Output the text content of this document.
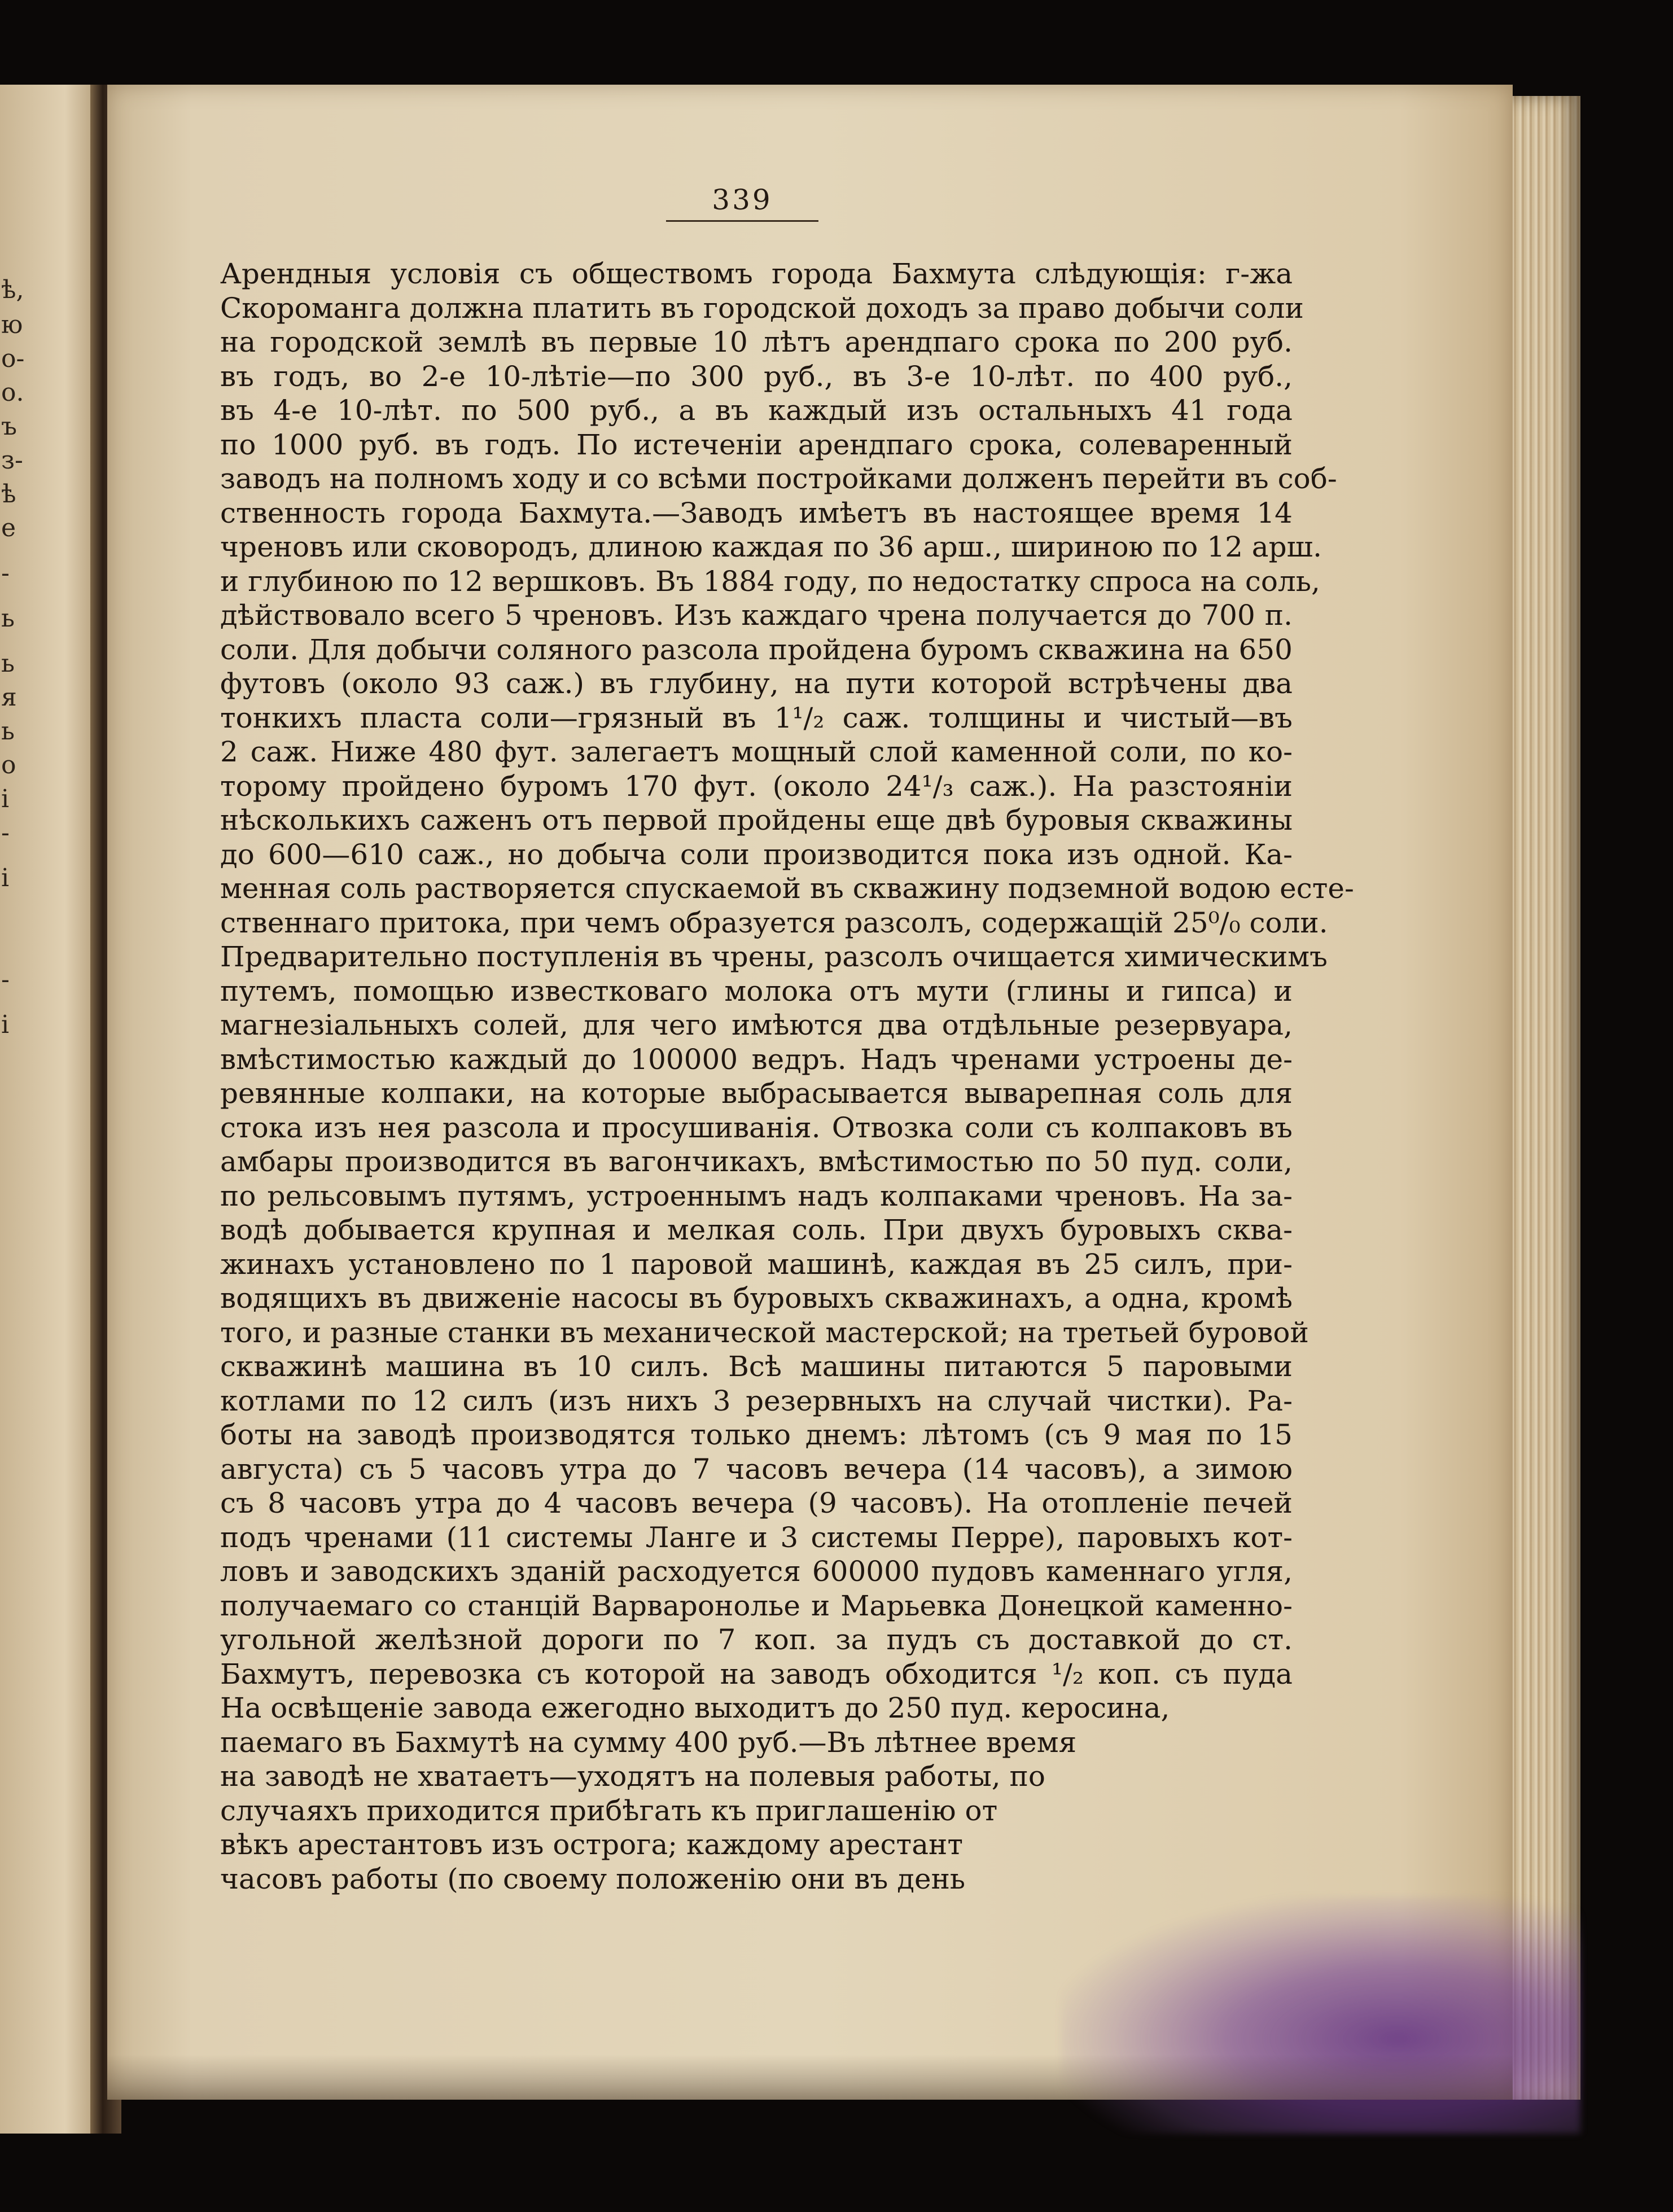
ѣ,
ю
о-
о.
ъ
з-
ѣ
е
-
ь
ь
я
ь
о
і
-
і
-
і
339
Арендныя условія съ обществомъ города Бахмута слѣдующія: г-жа
Скороманга должна платить въ городской доходъ за право добычи соли
на городской землѣ въ первые 10 лѣтъ арендпаго срока по 200 руб.
въ годъ, во 2-е 10-лѣтіе—по 300 руб., въ 3-е 10-лѣт. по 400 руб.,
въ 4-е 10-лѣт. по 500 руб., а въ каждый изъ остальныхъ 41 года
по 1000 руб. въ годъ. По истеченіи арендпаго срока, солеваренный
заводъ на полномъ ходу и со всѣми постройками долженъ перейти въ соб-
ственность города Бахмута.—Заводъ имѣетъ въ настоящее время 14
чреновъ или сковородъ, длиною каждая по 36 арш., шириною по 12 арш.
и глубиною по 12 вершковъ. Въ 1884 году, по недостатку спроса на соль,
дѣйствовало всего 5 чреновъ. Изъ каждаго чрена получается до 700 п.
соли. Для добычи соляного разсола пройдена буромъ скважина на 650
футовъ (около 93 саж.) въ глубину, на пути которой встрѣчены два
тонкихъ пласта соли—грязный въ 1¹/₂ саж. толщины и чистый—въ
2 саж. Ниже 480 фут. залегаетъ мощный слой каменной соли, по ко-
торому пройдено буромъ 170 фут. (около 24¹/₃ саж.). На разстояніи
нѣсколькихъ саженъ отъ первой пройдены еще двѣ буровыя скважины
до 600—610 саж., но добыча соли производится пока изъ одной. Ка-
менная соль растворяется спускаемой въ скважину подземной водою есте-
ственнаго притока, при чемъ образуется разсолъ, содержащій 25⁰/₀ соли.
Предварительно поступленія въ чрены, разсолъ очищается химическимъ
путемъ, помощью известковаго молока отъ мути (глины и гипса) и
магнезіальныхъ солей, для чего имѣются два отдѣльные резервуара,
вмѣстимостью каждый до 100000 ведръ. Надъ чренами устроены де-
ревянные колпаки, на которые выбрасывается выварепная соль для
стока изъ нея разсола и просушиванія. Отвозка соли съ колпаковъ въ
амбары производится въ вагончикахъ, вмѣстимостью по 50 пуд. соли,
по рельсовымъ путямъ, устроеннымъ надъ колпаками чреновъ. На за-
водѣ добывается крупная и мелкая соль. При двухъ буровыхъ сква-
жинахъ установлено по 1 паровой машинѣ, каждая въ 25 силъ, при-
водящихъ въ движеніе насосы въ буровыхъ скважинахъ, а одна, кромѣ
того, и разные станки въ механической мастерской; на третьей буровой
скважинѣ машина въ 10 силъ. Всѣ машины питаются 5 паровыми
котлами по 12 силъ (изъ нихъ 3 резервныхъ на случай чистки). Ра-
боты на заводѣ производятся только днемъ: лѣтомъ (съ 9 мая по 15
августа) съ 5 часовъ утра до 7 часовъ вечера (14 часовъ), а зимою
съ 8 часовъ утра до 4 часовъ вечера (9 часовъ). На отопленіе печей
подъ чренами (11 системы Ланге и 3 системы Перре), паровыхъ кот-
ловъ и заводскихъ зданій расходуется 600000 пудовъ каменнаго угля,
получаемаго со станцій Варваронолье и Марьевка Донецкой каменно-
угольной желѣзной дороги по 7 коп. за пудъ съ доставкой до ст.
Бахмутъ, перевозка съ которой на заводъ обходится ¹/₂ коп. съ пуда
На освѣщеніе завода ежегодно выходитъ до 250 пуд. керосина,
паемаго въ Бахмутѣ на сумму 400 руб.—Въ лѣтнее время
на заводѣ не хватаетъ—уходятъ на полевыя работы, по
случаяхъ приходится прибѣгать къ приглашенію от
вѣкъ арестантовъ изъ острога; каждому арестант
часовъ работы (по своему положенію они въ день
